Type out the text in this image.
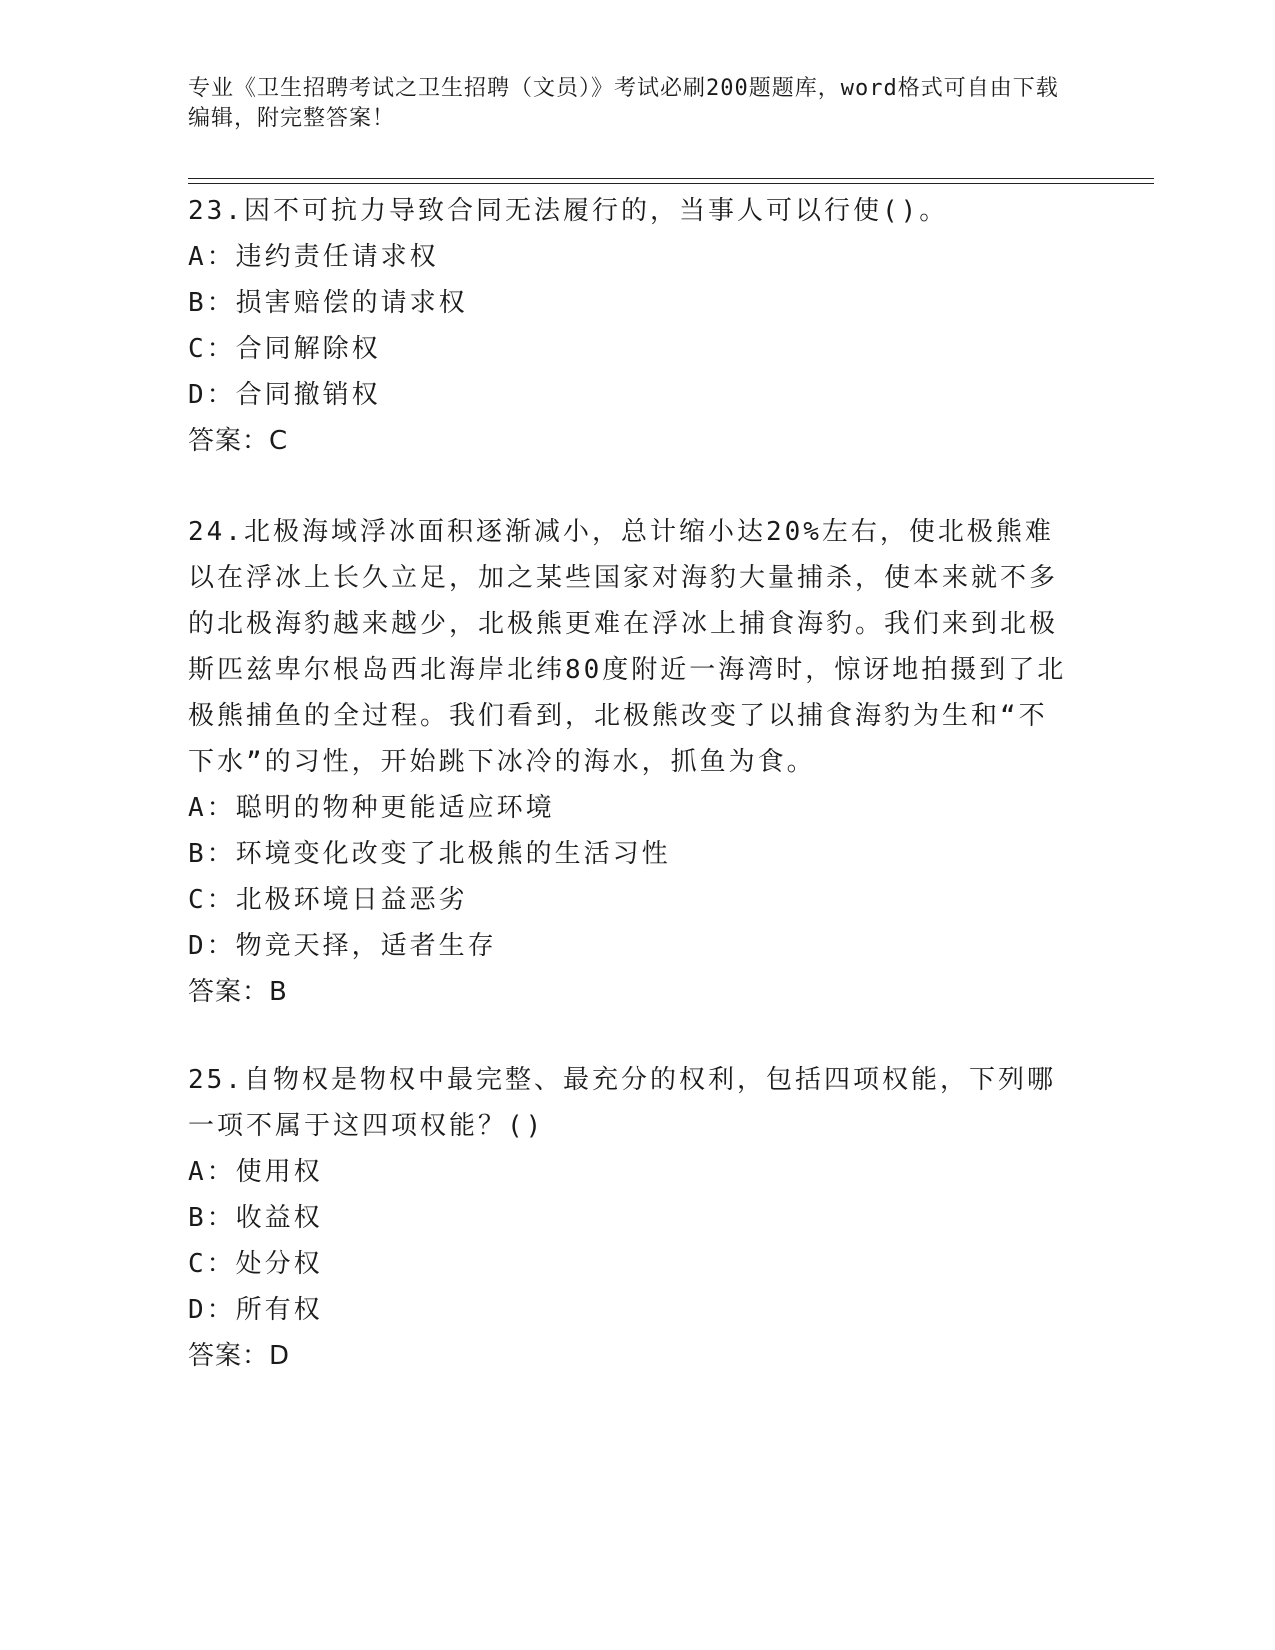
专业《卫生招聘考试之卫生招聘（文员）》考试必刷200题题库，word格式可自由下载编辑，附完整答案！

23.因不可抗力导致合同无法履行的，当事人可以行使()。

A：违约责任请求权

B：损害赔偿的请求权

C：合同解除权

D：合同撤销权

答案：C

24.北极海域浮冰面积逐渐减小，总计缩小达20%左右，使北极熊难以在浮冰上长久立足，加之某些国家对海豹大量捕杀，使本来就不多的北极海豹越来越少，北极熊更难在浮冰上捕食海豹。我们来到北极斯匹兹卑尔根岛西北海岸北纬80度附近一海湾时，惊讶地拍摄到了北极熊捕鱼的全过程。我们看到，北极熊改变了以捕食海豹为生和“不下水”的习性，开始跳下冰冷的海水，抓鱼为食。

A：聪明的物种更能适应环境

B：环境变化改变了北极熊的生活习性

C：北极环境日益恶劣

D：物竞天择，适者生存

答案：B

25.自物权是物权中最完整、最充分的权利，包括四项权能，下列哪一项不属于这四项权能？()

A：使用权

B：收益权

C：处分权

D：所有权

答案：D
